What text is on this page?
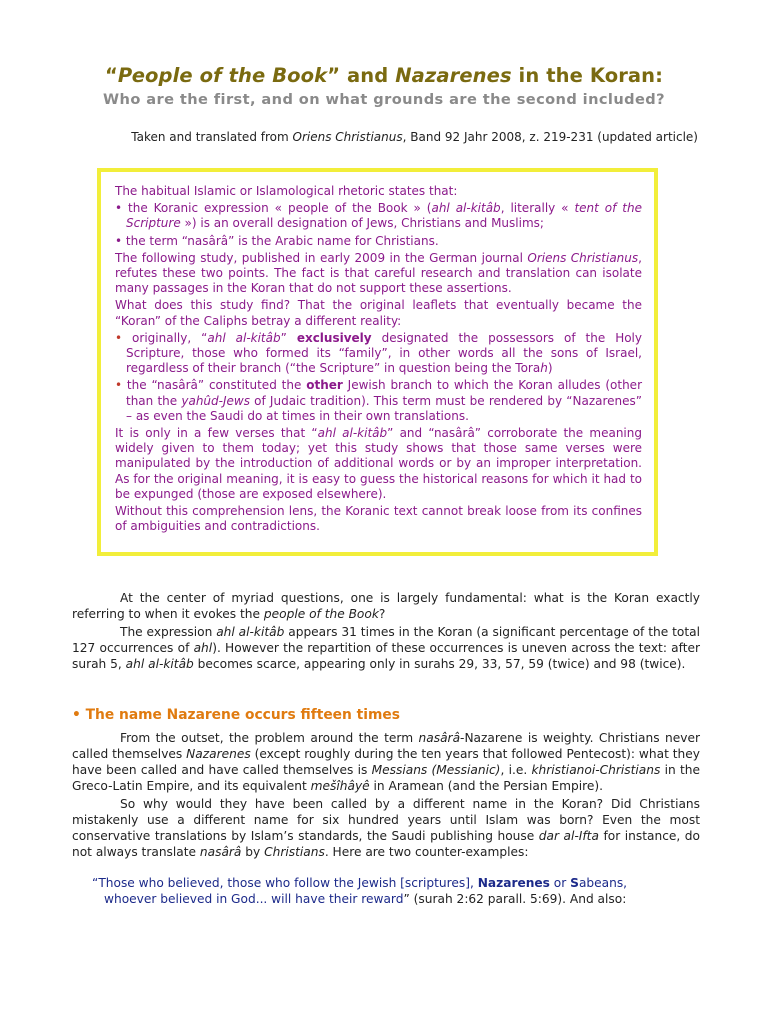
“People of the Book” and Nazarenes in the Koran:
Who are the first, and on what grounds are the second included?
Taken and translated from Oriens Christianus, Band 92 Jahr 2008, z. 219-231 (updated article)

The habitual Islamic or Islamological rhetoric states that:

• the Koranic expression « people of the Book » (ahl al-kitâb, literally « tent of the Scripture ») is an overall designation of Jews, Christians and Muslims;

• the term “nasârâ” is the Arabic name for Christians.

The following study, published in early 2009 in the German journal Oriens Christianus, refutes these two points. The fact is that careful research and translation can isolate many passages in the Koran that do not support these assertions.

What does this study find? That the original leaflets that eventually became the “Koran” of the Caliphs betray a different reality:

• originally, “ahl al-kitâb” exclusively designated the possessors of the Holy Scripture, those who formed its “family”, in other words all the sons of Israel, regardless of their branch (“the Scripture” in question being the Torah)

• the “nasârâ” constituted the other Jewish branch to which the Koran alludes (other than the yahûd-Jews of Judaic tradition). This term must be rendered by “Nazarenes” – as even the Saudi do at times in their own translations.

It is only in a few verses that “ahl al-kitâb” and “nasârâ” corroborate the meaning widely given to them today; yet this study shows that those same verses were manipulated by the introduction of additional words or by an improper interpretation. As for the original meaning, it is easy to guess the historical reasons for which it had to be expunged (those are exposed elsewhere).

Without this comprehension lens, the Koranic text cannot break loose from its confines of ambiguities and contradictions.

At the center of myriad questions, one is largely fundamental: what is the Koran exactly referring to when it evokes the people of the Book?

The expression ahl al-kitâb appears 31 times in the Koran (a significant percentage of the total 127 occurrences of ahl). However the repartition of these occurrences is uneven across the text: after surah 5, ahl al-kitâb becomes scarce, appearing only in surahs 29, 33, 57, 59 (twice) and 98 (twice).

• The name Nazarene occurs fifteen times

From the outset, the problem around the term nasârâ-Nazarene is weighty. Christians never called themselves Nazarenes (except roughly during the ten years that followed Pentecost): what they have been called and have called themselves is Messians (Messianic), i.e. khristianoi-Christians in the Greco-Latin Empire, and its equivalent mešîhâyê in Aramean (and the Persian Empire).

So why would they have been called by a different name in the Koran? Did Christians mistakenly use a different name for six hundred years until Islam was born? Even the most conservative translations by Islam’s standards, the Saudi publishing house dar al-Ifta for instance, do not always translate nasârâ by Christians. Here are two counter-examples:

“Those who believed, those who follow the Jewish [scriptures], Nazarenes or Sabeans, whoever believed in God... will have their reward” (surah 2:62 parall. 5:69). And also:
